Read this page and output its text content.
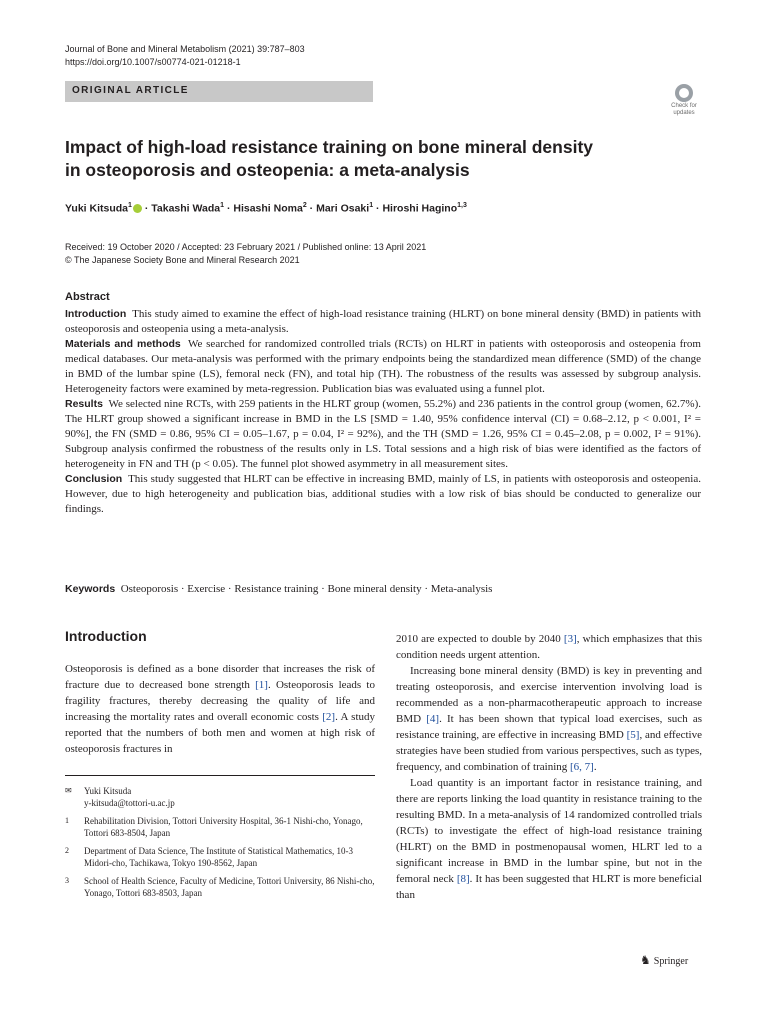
Journal of Bone and Mineral Metabolism (2021) 39:787–803
https://doi.org/10.1007/s00774-021-01218-1
ORIGINAL ARTICLE
Check for
updates
Impact of high-load resistance training on bone mineral density
in osteoporosis and osteopenia: a meta-analysis
Yuki Kitsuda$^1$ · Takashi Wada$^1$ · Hisashi Noma$^2$ · Mari Osaki$^1$ · Hiroshi Hagino$^{1,3}$
Received: 19 October 2020 / Accepted: 23 February 2021 / Published online: 13 April 2021
© The Japanese Society Bone and Mineral Research 2021
Abstract

Introduction This study aimed to examine the effect of high-load resistance training (HLRT) on bone mineral density (BMD) in patients with osteoporosis and osteopenia using a meta-analysis.

Materials and methods We searched for randomized controlled trials (RCTs) on HLRT in patients with osteoporosis and osteopenia from medical databases. Our meta-analysis was performed with the primary endpoints being the standardized mean difference (SMD) of the change in BMD of the lumbar spine (LS), femoral neck (FN), and total hip (TH). The robustness of the results was assessed by subgroup analysis. Heterogeneity factors were examined by meta-regression. Publication bias was evaluated using a funnel plot.

Results We selected nine RCTs, with 259 patients in the HLRT group (women, 55.2%) and 236 patients in the control group (women, 62.7%). The HLRT group showed a significant increase in BMD in the LS [SMD = 1.40, 95% confidence interval (CI) = 0.68–2.12, p < 0.001, I² = 90%], the FN (SMD = 0.86, 95% CI = 0.05–1.67, p = 0.04, I² = 92%), and the TH (SMD = 1.26, 95% CI = 0.45–2.08, p = 0.002, I² = 91%). Subgroup analysis confirmed the robustness of the results only in LS. Total sessions and a high risk of bias were identified as the factors of heterogeneity in FN and TH (p < 0.05). The funnel plot showed asymmetry in all measurement sites.

Conclusion This study suggested that HLRT can be effective in increasing BMD, mainly of LS, in patients with osteoporosis and osteopenia. However, due to high heterogeneity and publication bias, additional studies with a low risk of bias should be conducted to generalize our findings.

Keywords Osteoporosis · Exercise · Resistance training · Bone mineral density · Meta-analysis
Introduction

Osteoporosis is defined as a bone disorder that increases the risk of fracture due to decreased bone strength [1]. Osteoporosis leads to fragility fractures, thereby decreasing the quality of life and increasing the mortality rates and overall economic costs [2]. A study reported that the numbers of both men and women at high risk of osteoporosis fractures in

2010 are expected to double by 2040 [3], which emphasizes that this condition needs urgent attention.

Increasing bone mineral density (BMD) is key in preventing and treating osteoporosis, and exercise intervention involving load is recommended as a non-pharmacotherapeutic approach to increase BMD [4]. It has been shown that typical load exercises, such as resistance training, are effective in increasing BMD [5], and effective strategies have been studied from various perspectives, such as types, frequency, and combination of training [6, 7].

Load quantity is an important factor in resistance training, and there are reports linking the load quantity in resistance training to the resulting BMD. In a meta-analysis of 14 randomized controlled trials (RCTs) to investigate the effect of high-load resistance training (HLRT) on the BMD in postmenopausal women, HLRT led to a significant increase in BMD in the lumbar spine, but not in the femoral neck [8]. It has been suggested that HLRT is more beneficial than

✉ Yuki Kitsuda
y-kitsuda@tottori-u.ac.jp
1 Rehabilitation Division, Tottori University Hospital, 36-1 Nishi-cho, Yonago, Tottori 683-8504, Japan
2 Department of Data Science, The Institute of Statistical Mathematics, 10-3 Midori-cho, Tachikawa, Tokyo 190-8562, Japan
3 School of Health Science, Faculty of Medicine, Tottori University, 86 Nishi-cho, Yonago, Tottori 683-8503, Japan
♞ Springer
